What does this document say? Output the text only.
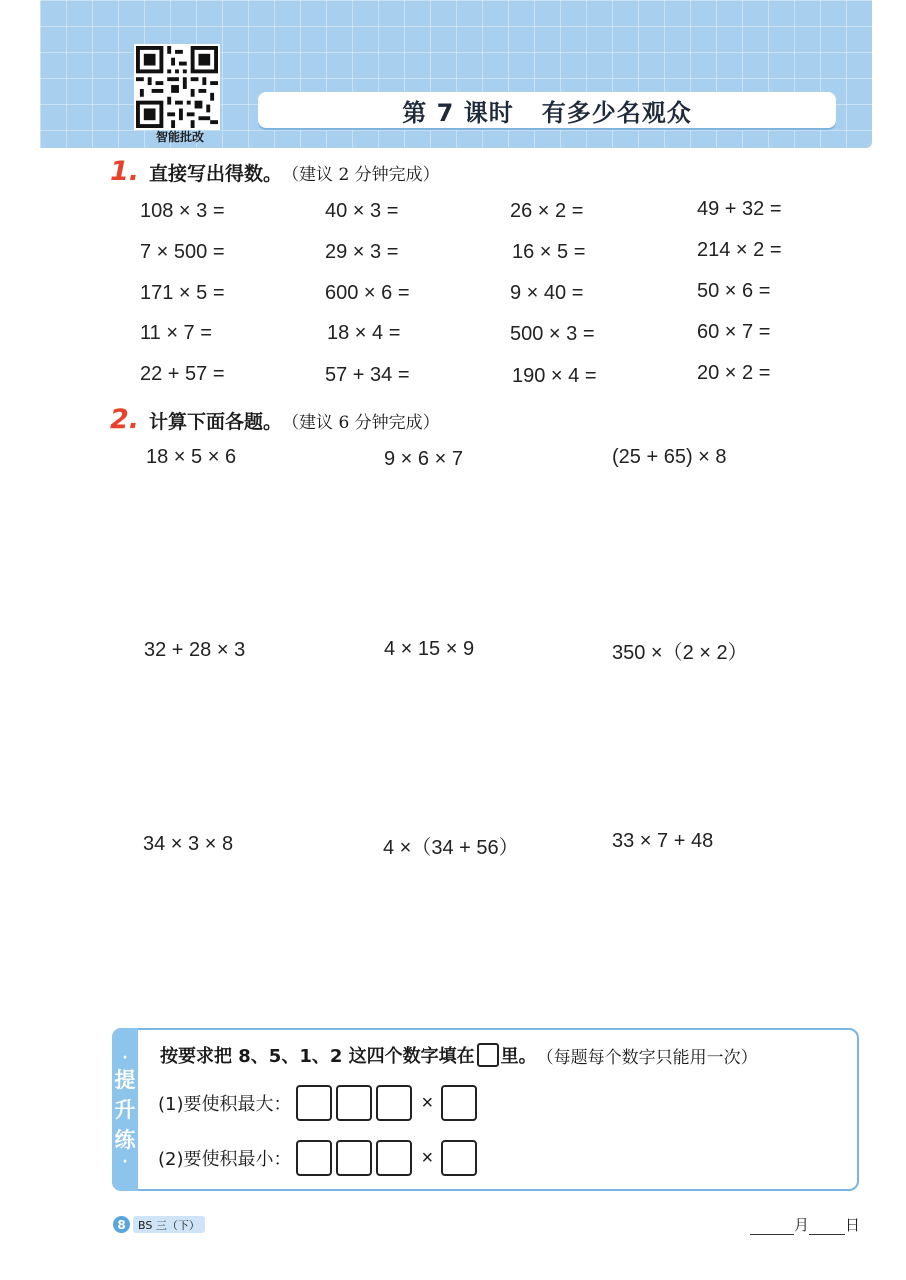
智能批改
第 7 课时 有多少名观众
1. 直接写出得数。 （建议 2 分钟完成）
108 × 3 =	40 × 3 =	26 × 2 =	49 + 32 =
7 × 500 =	29 × 3 =	16 × 5 =	214 × 2 =
171 × 5 =	600 × 6 =	9 × 40 =	50 × 6 =
11 × 7 =	18 × 4 =	500 × 3 =	60 × 7 =
22 + 57 =	57 + 34 =	190 × 4 =	20 × 2 =
2. 计算下面各题。 （建议 6 分钟完成）
18 × 5 × 6	9 × 6 × 7	(25 + 65) × 8
32 + 28 × 3	4 × 15 × 9	350 ×（2 × 2）
34 × 3 × 8	4 ×（34 + 56）	33 × 7 + 48
·
提
升
练
·
按要求把 8、5、1、2 这四个数字填在 里。 （每题每个数字只能用一次）
(1)要使积最大：	×
(2)要使积最小：	×
8	BS 三（下）	月 日
